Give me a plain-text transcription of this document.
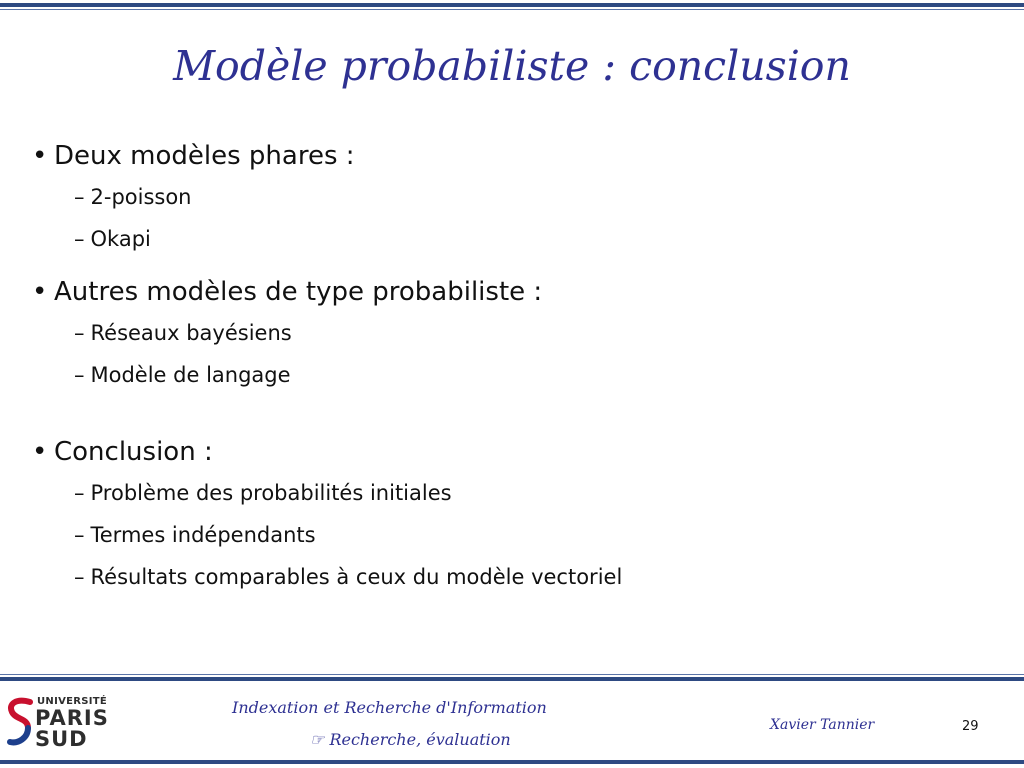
Modèle probabiliste : conclusion
• Deux modèles phares :
– 2-poisson
– Okapi
• Autres modèles de type probabiliste :
– Réseaux bayésiens
– Modèle de langage
• Conclusion :
– Problème des probabilités initiales
– Termes indépendants
– Résultats comparables à ceux du modèle vectoriel
UNIVERSITÉ
PARIS
SUD
Indexation et Recherche d'Information
☞ Recherche, évaluation
Xavier Tannier	29
